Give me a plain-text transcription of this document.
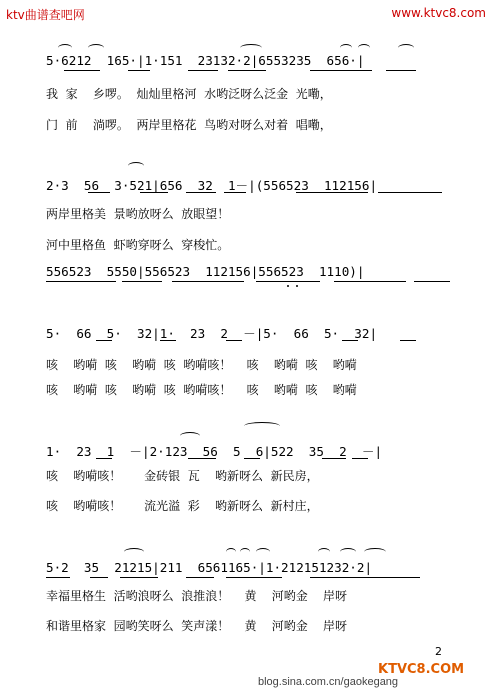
ktv曲谱查吧网	www.ktvc8.com
5·6212  165·|1·151  23132·2|6553235  656·|
我  家    乡啰。  灿灿里格河  水哟泛呀么泛金  光嘞，
门  前    淌啰。  两岸里格花  鸟哟对呀么对着  唱嘞，
2·3  56  3·521|656  32  1－|(556523  112156|
两岸里格美  景哟放呀么  放眼望！
河中里格鱼  虾哟穿呀么  穿梭忙。
556523  5550|556523  112156|556523  1110)|
5·  66  5·  32|1·  23  2  －|5·  66  5·  32|
咳    哟嗬  咳    哟嗬  咳  哟嗬咳！    咳    哟嗬  咳    哟嗬
咳    哟嗬  咳    哟嗬  咳  哟嗬咳！    咳    哟嗬  咳    哟嗬
1·  23  1  －|2·123  56  5  6|522  35  2  －|
咳    哟嗬咳！      金砖银  瓦    哟新呀么  新民房，
咳    哟嗬咳！      流光溢  彩    哟新呀么  新村庄，
5·2  35  21215|211  6561165·|1·212151232·2|
幸福里格生  活哟浪呀么  浪推浪！    黄    河哟金    岸呀
和谐里格家  园哟笑呀么  笑声漾！    黄    河哟金    岸呀
2
KTVC8.COM
blog.sina.com.cn/gaokegang
